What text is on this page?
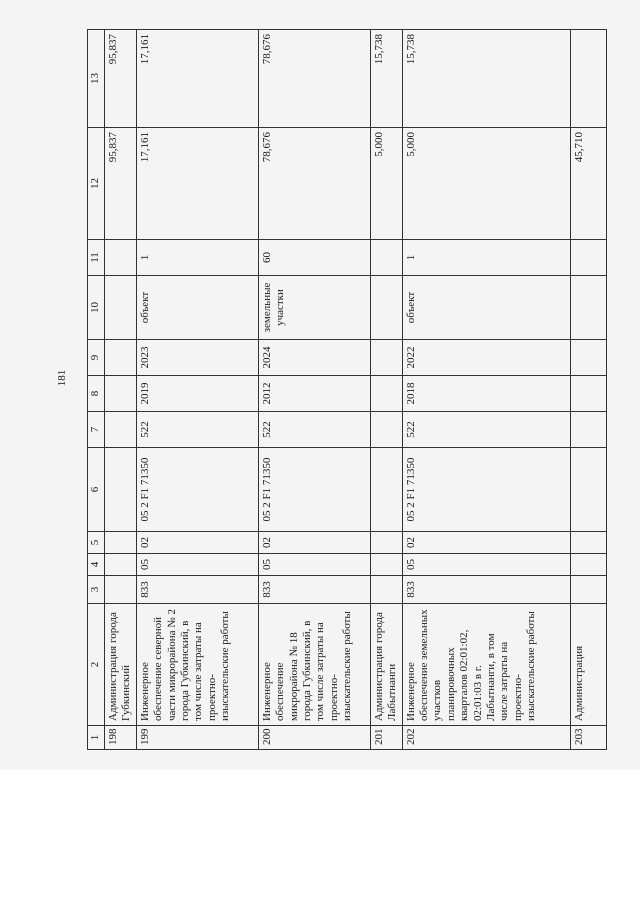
181
1	2	3	4	5	6	7	8	9	10	11	12	13
198	Администрация города Губкинский										95,837	95,837
199	Инженерное обеспечение северной части микрорайона № 2 города Губкинский, в том числе затраты на проектно-изыскательские работы	833	05	02	05 2 F1 71350	522	2019	2023	объект	1	17,161	17,161
200	Инженерное обеспечение микрорайона № 18 города Губкинский, в том числе затраты на проектно-изыскательские работы	833	05	02	05 2 F1 71350	522	2012	2024	земельные участки	60	78,676	78,676
201	Администрация города Лабытнанги										5,000	15,738
202	Инженерное обеспечение земельных участков планировочных кварталов 02:01:02, 02:01:03 в г. Лабытнанги, в том числе затраты на проектно-изыскательские работы	833	05	02	05 2 F1 71350	522	2018	2022	объект	1	5,000	15,738
203	Администрация										45,710	
